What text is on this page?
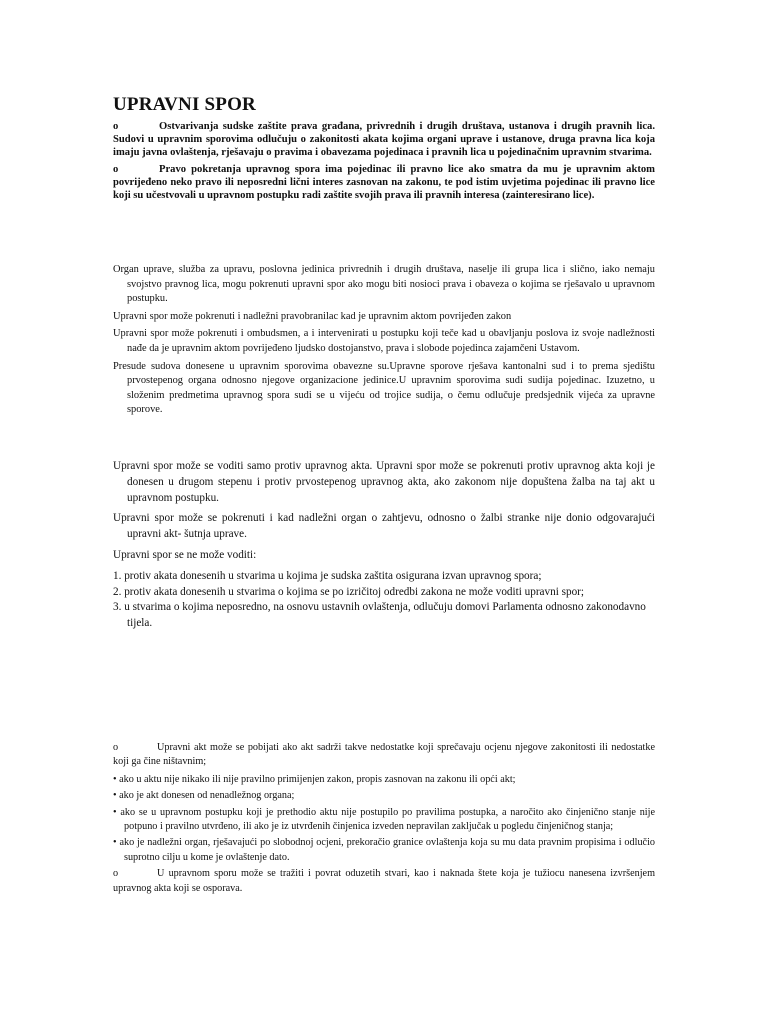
UPRAVNI SPOR

o	Ostvarivanja sudske zaštite prava građana, privrednih i drugih društava, ustanova i drugih pravnih lica. Sudovi u upravnim sporovima odlučuju o zakonitosti akata kojima organi uprave i ustanove, druga pravna lica koja imaju javna ovlaštenja, rješavaju o pravima i obavezama pojedinaca i pravnih lica u pojedinačnim upravnim stvarima.

o	Pravo pokretanja upravnog spora ima pojedinac ili pravno lice ako smatra da mu je upravnim aktom povrijeđeno neko pravo ili neposredni lični interes zasnovan na zakonu, te pod istim uvjetima pojedinac ili pravno lice koji su učestvovali u upravnom postupku radi zaštite svojih prava ili pravnih interesa (zainteresirano lice).

Organ uprave, služba za upravu, poslovna jedinica privrednih i drugih društava, naselje ili grupa lica i slično, iako nemaju svojstvo pravnog lica, mogu pokrenuti upravni spor ako mogu biti nosioci prava i obaveza o kojima se rješavalo u upravnom postupku.

Upravni spor može pokrenuti i nadležni pravobranilac kad je upravnim aktom povrijeđen zakon

Upravni spor može pokrenuti i ombudsmen, a i intervenirati u postupku koji teče kad u obavljanju poslova iz svoje nadležnosti nađe da je upravnim aktom povrijeđeno ljudsko dostojanstvo, prava i slobode pojedinca zajamčeni Ustavom.

Presude sudova donesene u upravnim sporovima obavezne su.Upravne sporove rješava kantonalni sud i to prema sjedištu prvostepenog organa odnosno njegove organizacione jedinice.U upravnim sporovima sudi sudija pojedinac. Izuzetno, u složenim predmetima upravnog spora sudi se u vijeću od trojice sudija, o čemu odlučuje predsjednik vijeća za upravne sporove.

Upravni spor može se voditi samo protiv upravnog akta. Upravni spor može se pokrenuti protiv upravnog akta koji je donesen u drugom stepenu i protiv prvostepenog upravnog akta, ako zakonom nije dopuštena žalba na taj akt u upravnom postupku.

Upravni spor može se pokrenuti i kad nadležni organ o zahtjevu, odnosno o žalbi stranke nije donio odgovarajući upravni akt- šutnja uprave.

Upravni spor se ne može voditi:

1. protiv akata donesenih u stvarima u kojima je sudska zaštita osigurana izvan upravnog spora;
2. protiv akata donesenih u stvarima o kojima se po izričitoj odredbi zakona ne može voditi upravni spor;
3. u stvarima o kojima neposredno, na osnovu ustavnih ovlaštenja, odlučuju domovi Parlamenta odnosno zakonodavno tijela.

o	Upravni akt može se pobijati ako akt sadrži takve nedostatke koji sprečavaju ocjenu njegove zakonitosti ili nedostatke koji ga čine ništavnim;

• ako u aktu nije nikako ili nije pravilno primijenjen zakon, propis zasnovan na zakonu ili opći akt;
• ako je akt donesen od nenadležnog organa;
• ako se u upravnom postupku koji je prethodio aktu nije postupilo po pravilima postupka, a naročito ako činjenično stanje nije potpuno i pravilno utvrđeno, ili ako je iz utvrđenih činjenica izveden nepravilan zaključak u pogledu činjeničnog stanja;
• ako je nadležni organ, rješavajući po slobodnoj ocjeni, prekoračio granice ovlaštenja koja su mu data pravnim propisima i odlučio suprotno cilju u kome je ovlaštenje dato.

o	U upravnom sporu može se tražiti i povrat oduzetih stvari, kao i naknada štete koja je tužiocu nanesena izvršenjem upravnog akta koji se osporava.
